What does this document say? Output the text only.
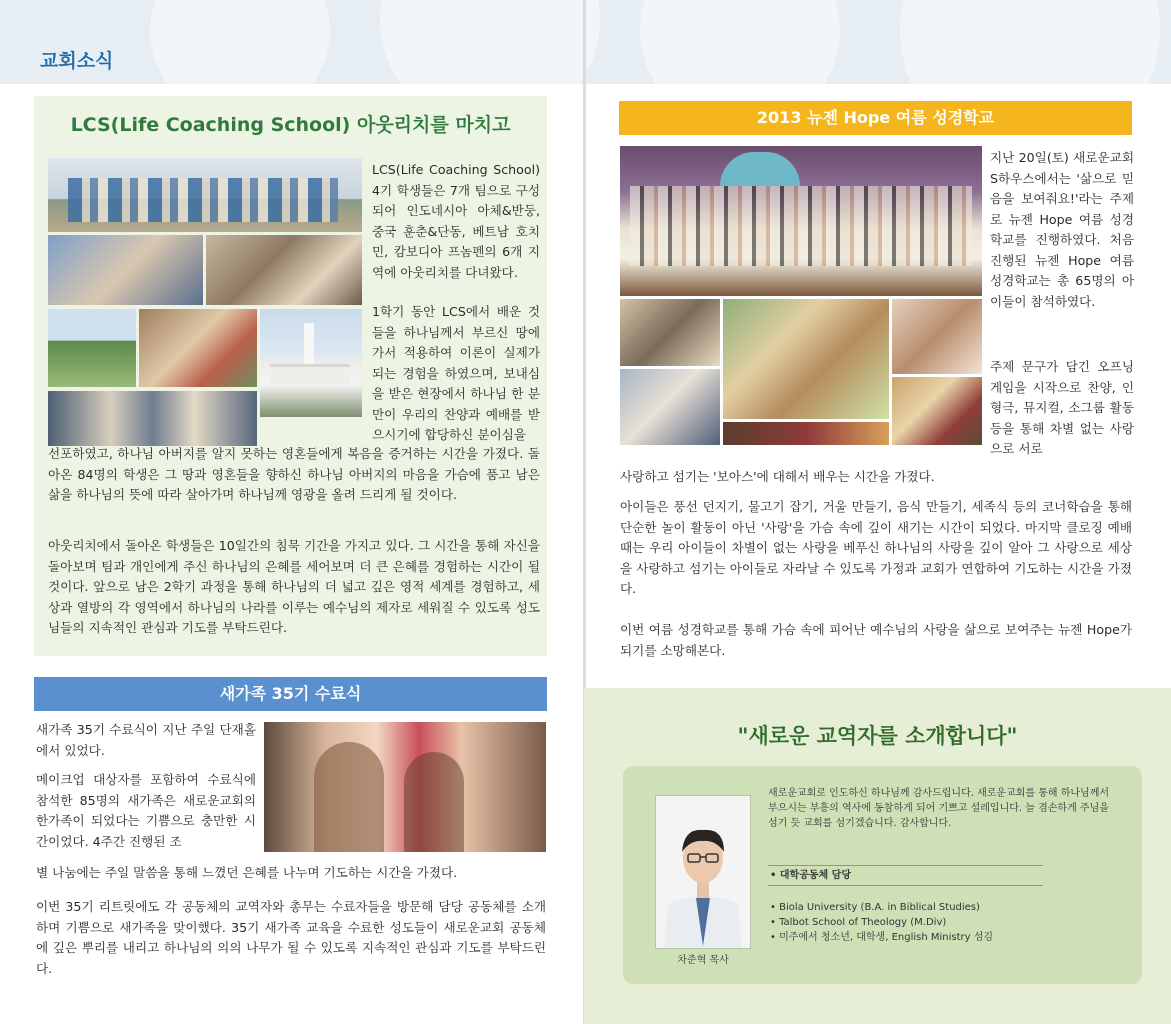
교회소식
LCS(Life Coaching School) 아웃리치를 마치고

LCS(Life Coaching School) 4기 학생들은 7개 팀으로 구성되어 인도네시아 아체&반둥, 중국 훈춘&단동, 베트남 호치민, 캄보디아 프놈펜의 6개 지역에 아웃리치를 다녀왔다.

1학기 동안 LCS에서 배운 것들을 하나님께서 부르신 땅에 가서 적용하여 이론이 실제가 되는 경험을 하였으며, 보내심을 받은 현장에서 하나님 한 분만이 우리의 찬양과 예배를 받으시기에 합당하신 분이심을

선포하였고, 하나님 아버지를 알지 못하는 영혼들에게 복음을 증거하는 시간을 가졌다. 돌아온 84명의 학생은 그 땅과 영혼들을 향하신 하나님 아버지의 마음을 가슴에 품고 남은 삶을 하나님의 뜻에 따라 살아가며 하나님께 영광을 올려 드리게 될 것이다.

아웃리치에서 돌아온 학생들은 10일간의 침묵 기간을 가지고 있다. 그 시간을 통해 자신을 돌아보며 팀과 개인에게 주신 하나님의 은혜를 세어보며 더 큰 은혜를 경험하는 시간이 될 것이다. 앞으로 남은 2학기 과정을 통해 하나님의 더 넓고 깊은 영적 세계를 경험하고, 세상과 열방의 각 영역에서 하나님의 나라를 이루는 예수님의 제자로 세워질 수 있도록 성도님들의 지속적인 관심과 기도를 부탁드린다.

새가족 35기 수료식

새가족 35기 수료식이 지난 주일 단재홀에서 있었다.

메이크업 대상자를 포함하여 수료식에 참석한 85명의 새가족은 새로운교회의 한가족이 되었다는 기쁨으로 충만한 시간이었다. 4주간 진행된 조

별 나눔에는 주일 말씀을 통해 느꼈던 은혜를 나누며 기도하는 시간을 가졌다.

이번 35기 리트릿에도 각 공동체의 교역자와 총무는 수료자들을 방문해 담당 공동체를 소개하며 기쁨으로 새가족을 맞이했다. 35기 새가족 교육을 수료한 성도들이 새로운교회 공동체에 깊은 뿌리를 내리고 하나님의 의의 나무가 될 수 있도록 지속적인 관심과 기도를 부탁드린다.

2013 뉴젠 Hope 여름 성경학교

지난 20일(토) 새로운교회 S하우스에서는 '삶으로 믿음을 보여줘요!'라는 주제로 뉴젠 Hope 여름 성경학교를 진행하였다. 처음 진행된 뉴젠 Hope 여름 성경학교는 총 65명의 아이들이 참석하였다.

주제 문구가 담긴 오프닝 게임을 시작으로 찬양, 인형극, 뮤지컬, 소그룹 활동 등을 통해 차별 없는 사랑으로 서로

사랑하고 섬기는 '보아스'에 대해서 배우는 시간을 가졌다.

아이들은 풍선 던지기, 물고기 잡기, 거울 만들기, 음식 만들기, 세족식 등의 코너학습을 통해 단순한 놀이 활동이 아닌 '사랑'을 가슴 속에 깊이 새기는 시간이 되었다. 마지막 클로징 예배 때는 우리 아이들이 차별이 없는 사랑을 베푸신 하나님의 사랑을 깊이 알아 그 사랑으로 세상을 사랑하고 섬기는 아이들로 자라날 수 있도록 가정과 교회가 연합하여 기도하는 시간을 가졌다.

이번 여름 성경학교를 통해 가슴 속에 피어난 예수님의 사랑을 삶으로 보여주는 뉴젠 Hope가 되기를 소망해본다.

"새로운 교역자를 소개합니다"
차준혁 목사
새로운교회로 인도하신 하나님께 감사드립니다. 새로운교회를 통해 하나님께서 부으시는 부흥의 역사에 동참하게 되어 기쁘고 설레입니다. 늘 겸손하게 주님을 섬기 듯 교회를 섬기겠습니다. 감사합니다.
• 대학공동체 담당
• Biola University (B.A. in Biblical Studies)
• Talbot School of Theology (M.Div)
• 미주에서 청소년, 대학생, English Ministry 섬김
